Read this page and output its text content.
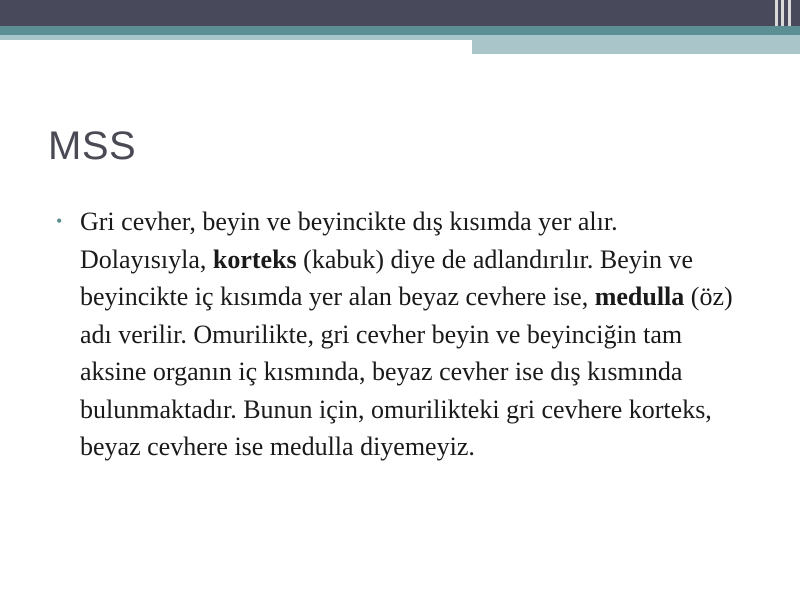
MSS
• Gri cevher, beyin ve beyincikte dış kısımda yer alır. Dolayısıyla, korteks (kabuk) diye de adlandırılır. Beyin ve beyincikte iç kısımda yer alan beyaz cevhere ise, medulla (öz) adı verilir. Omurilikte, gri cevher beyin ve beyinciğin tam aksine organın iç kısmında, beyaz cevher ise dış kısmında bulunmaktadır. Bunun için, omurilikteki gri cevhere korteks, beyaz cevhere ise medulla diyemeyiz.
